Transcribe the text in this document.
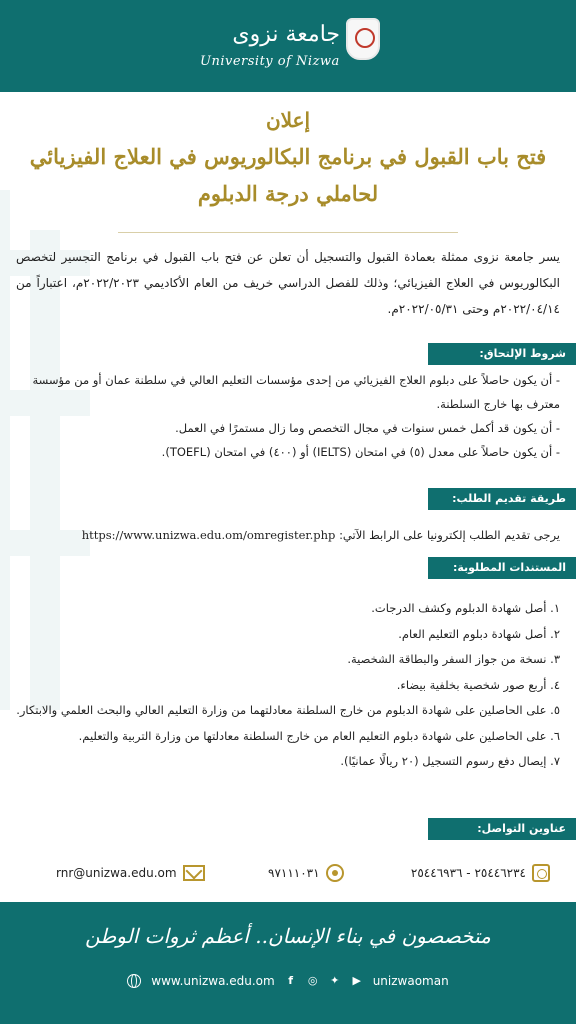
جامعة نزوى
University of Nizwa
إعلان
فتح باب القبول في برنامج البكالوريوس في العلاج الفيزيائي
لحاملي درجة الدبلوم

يسر جامعة نزوى ممثلة بعمادة القبول والتسجيل أن تعلن عن فتح باب القبول في برنامج التجسير لتخصص البكالوريوس في العلاج الفيزيائي؛ وذلك للفصل الدراسي خريف من العام الأكاديمي ٢٠٢٢/٢٠٢٣م، اعتباراً من ٢٠٢٢/٠٤/١٤م وحتى ٢٠٢٢/٠٥/٣١م.

شروط الإلتحاق:
- أن يكون حاصلاً على دبلوم العلاج الفيزيائي من إحدى مؤسسات التعليم العالي في سلطنة عمان أو من مؤسسة معترف بها خارج السلطنة.
- أن يكون قد أكمل خمس سنوات في مجال التخصص وما زال مستمرًا في العمل.
- أن يكون حاصلاً على معدل (٥) في امتحان (IELTS) أو (٤٠٠) في امتحان (TOEFL).
طريقة تقديم الطلب:

يرجى تقديم الطلب إلكترونيا على الرابط الآتي: https://www.unizwa.edu.om/omregister.php

المستندات المطلوبة:
١. أصل شهادة الدبلوم وكشف الدرجات.
٢. أصل شهادة دبلوم التعليم العام.
٣. نسخة من جواز السفر والبطاقة الشخصية.
٤. أربع صور شخصية بخلفية بيضاء.
٥. على الحاصلين على شهادة الدبلوم من خارج السلطنة معادلتهما من وزارة التعليم العالي والبحث العلمي والابتكار.
٦. على الحاصلين على شهادة دبلوم التعليم العام من خارج السلطنة معادلتها من وزارة التربية والتعليم.
٧. إيصال دفع رسوم التسجيل (٢٠ ريالًا عمانيًا).
عناوين التواصل:
٢٥٤٤٦٢٣٤ - ٢٥٤٤٦٩٣٦
٩٧١١١٠٣١
rnr@unizwa.edu.om
متخصصون في بناء الإنسان.. أعظم ثروات الوطن
www.unizwa.edu.om	f	◎ ✦ ▶ unizwaoman
